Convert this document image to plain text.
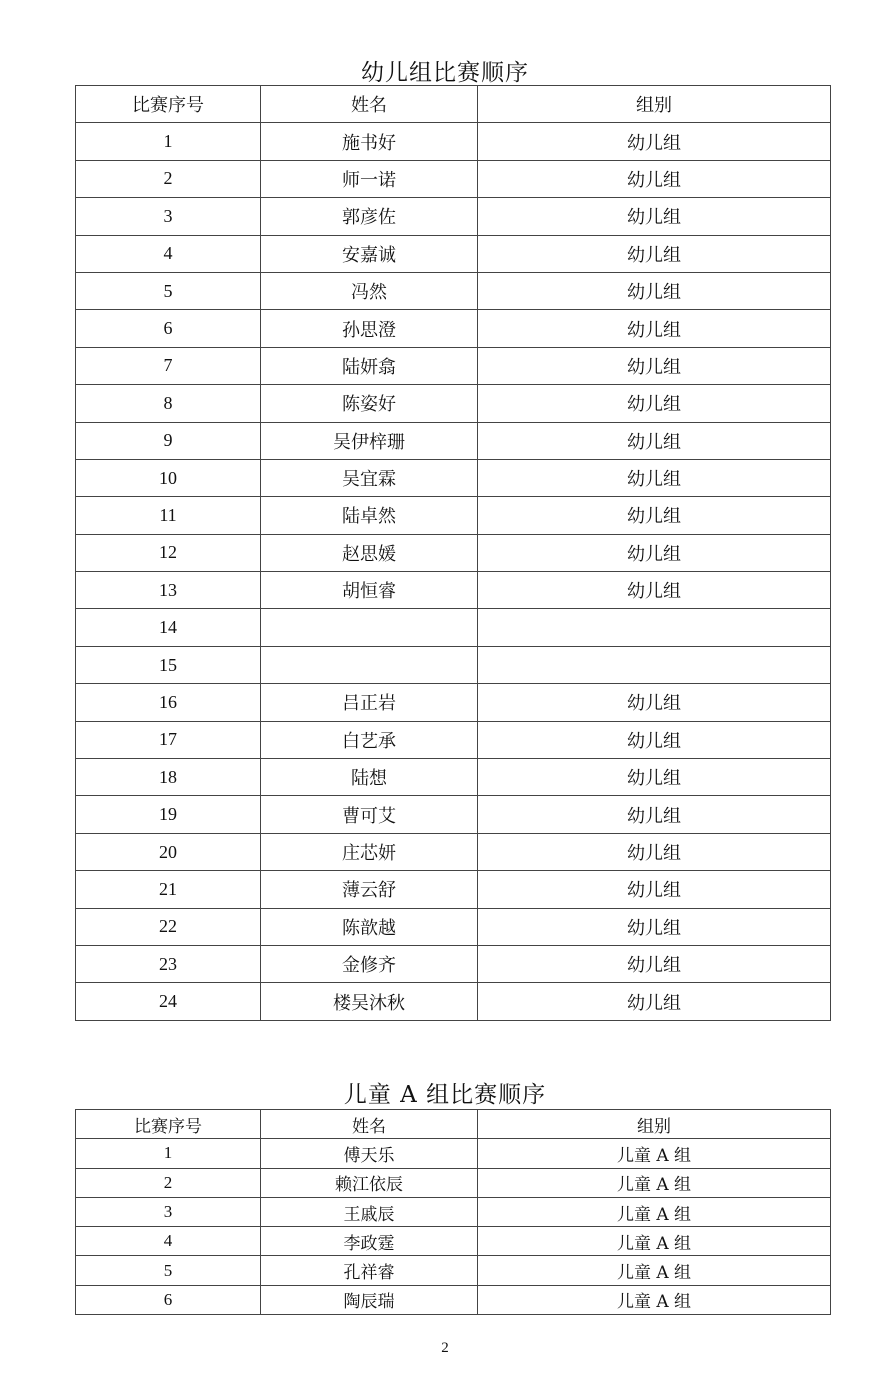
幼儿组比赛顺序
比赛序号	姓名	组别
1	施书好	幼儿组
2	师一诺	幼儿组
3	郭彦佐	幼儿组
4	安嘉诚	幼儿组
5	冯然	幼儿组
6	孙思澄	幼儿组
7	陆妍翕	幼儿组
8	陈姿好	幼儿组
9	吴伊梓珊	幼儿组
10	吴宜霖	幼儿组
11	陆卓然	幼儿组
12	赵思媛	幼儿组
13	胡恒睿	幼儿组
14		
15		
16	吕正岩	幼儿组
17	白艺承	幼儿组
18	陆想	幼儿组
19	曹可艾	幼儿组
20	庄芯妍	幼儿组
21	薄云舒	幼儿组
22	陈歆越	幼儿组
23	金修齐	幼儿组
24	楼吴沐秋	幼儿组
儿童 A 组比赛顺序
比赛序号	姓名	组别
1	傅天乐	儿童 A 组
2	赖江依辰	儿童 A 组
3	王戚辰	儿童 A 组
4	李政霆	儿童 A 组
5	孔祥睿	儿童 A 组
6	陶辰瑞	儿童 A 组
2
